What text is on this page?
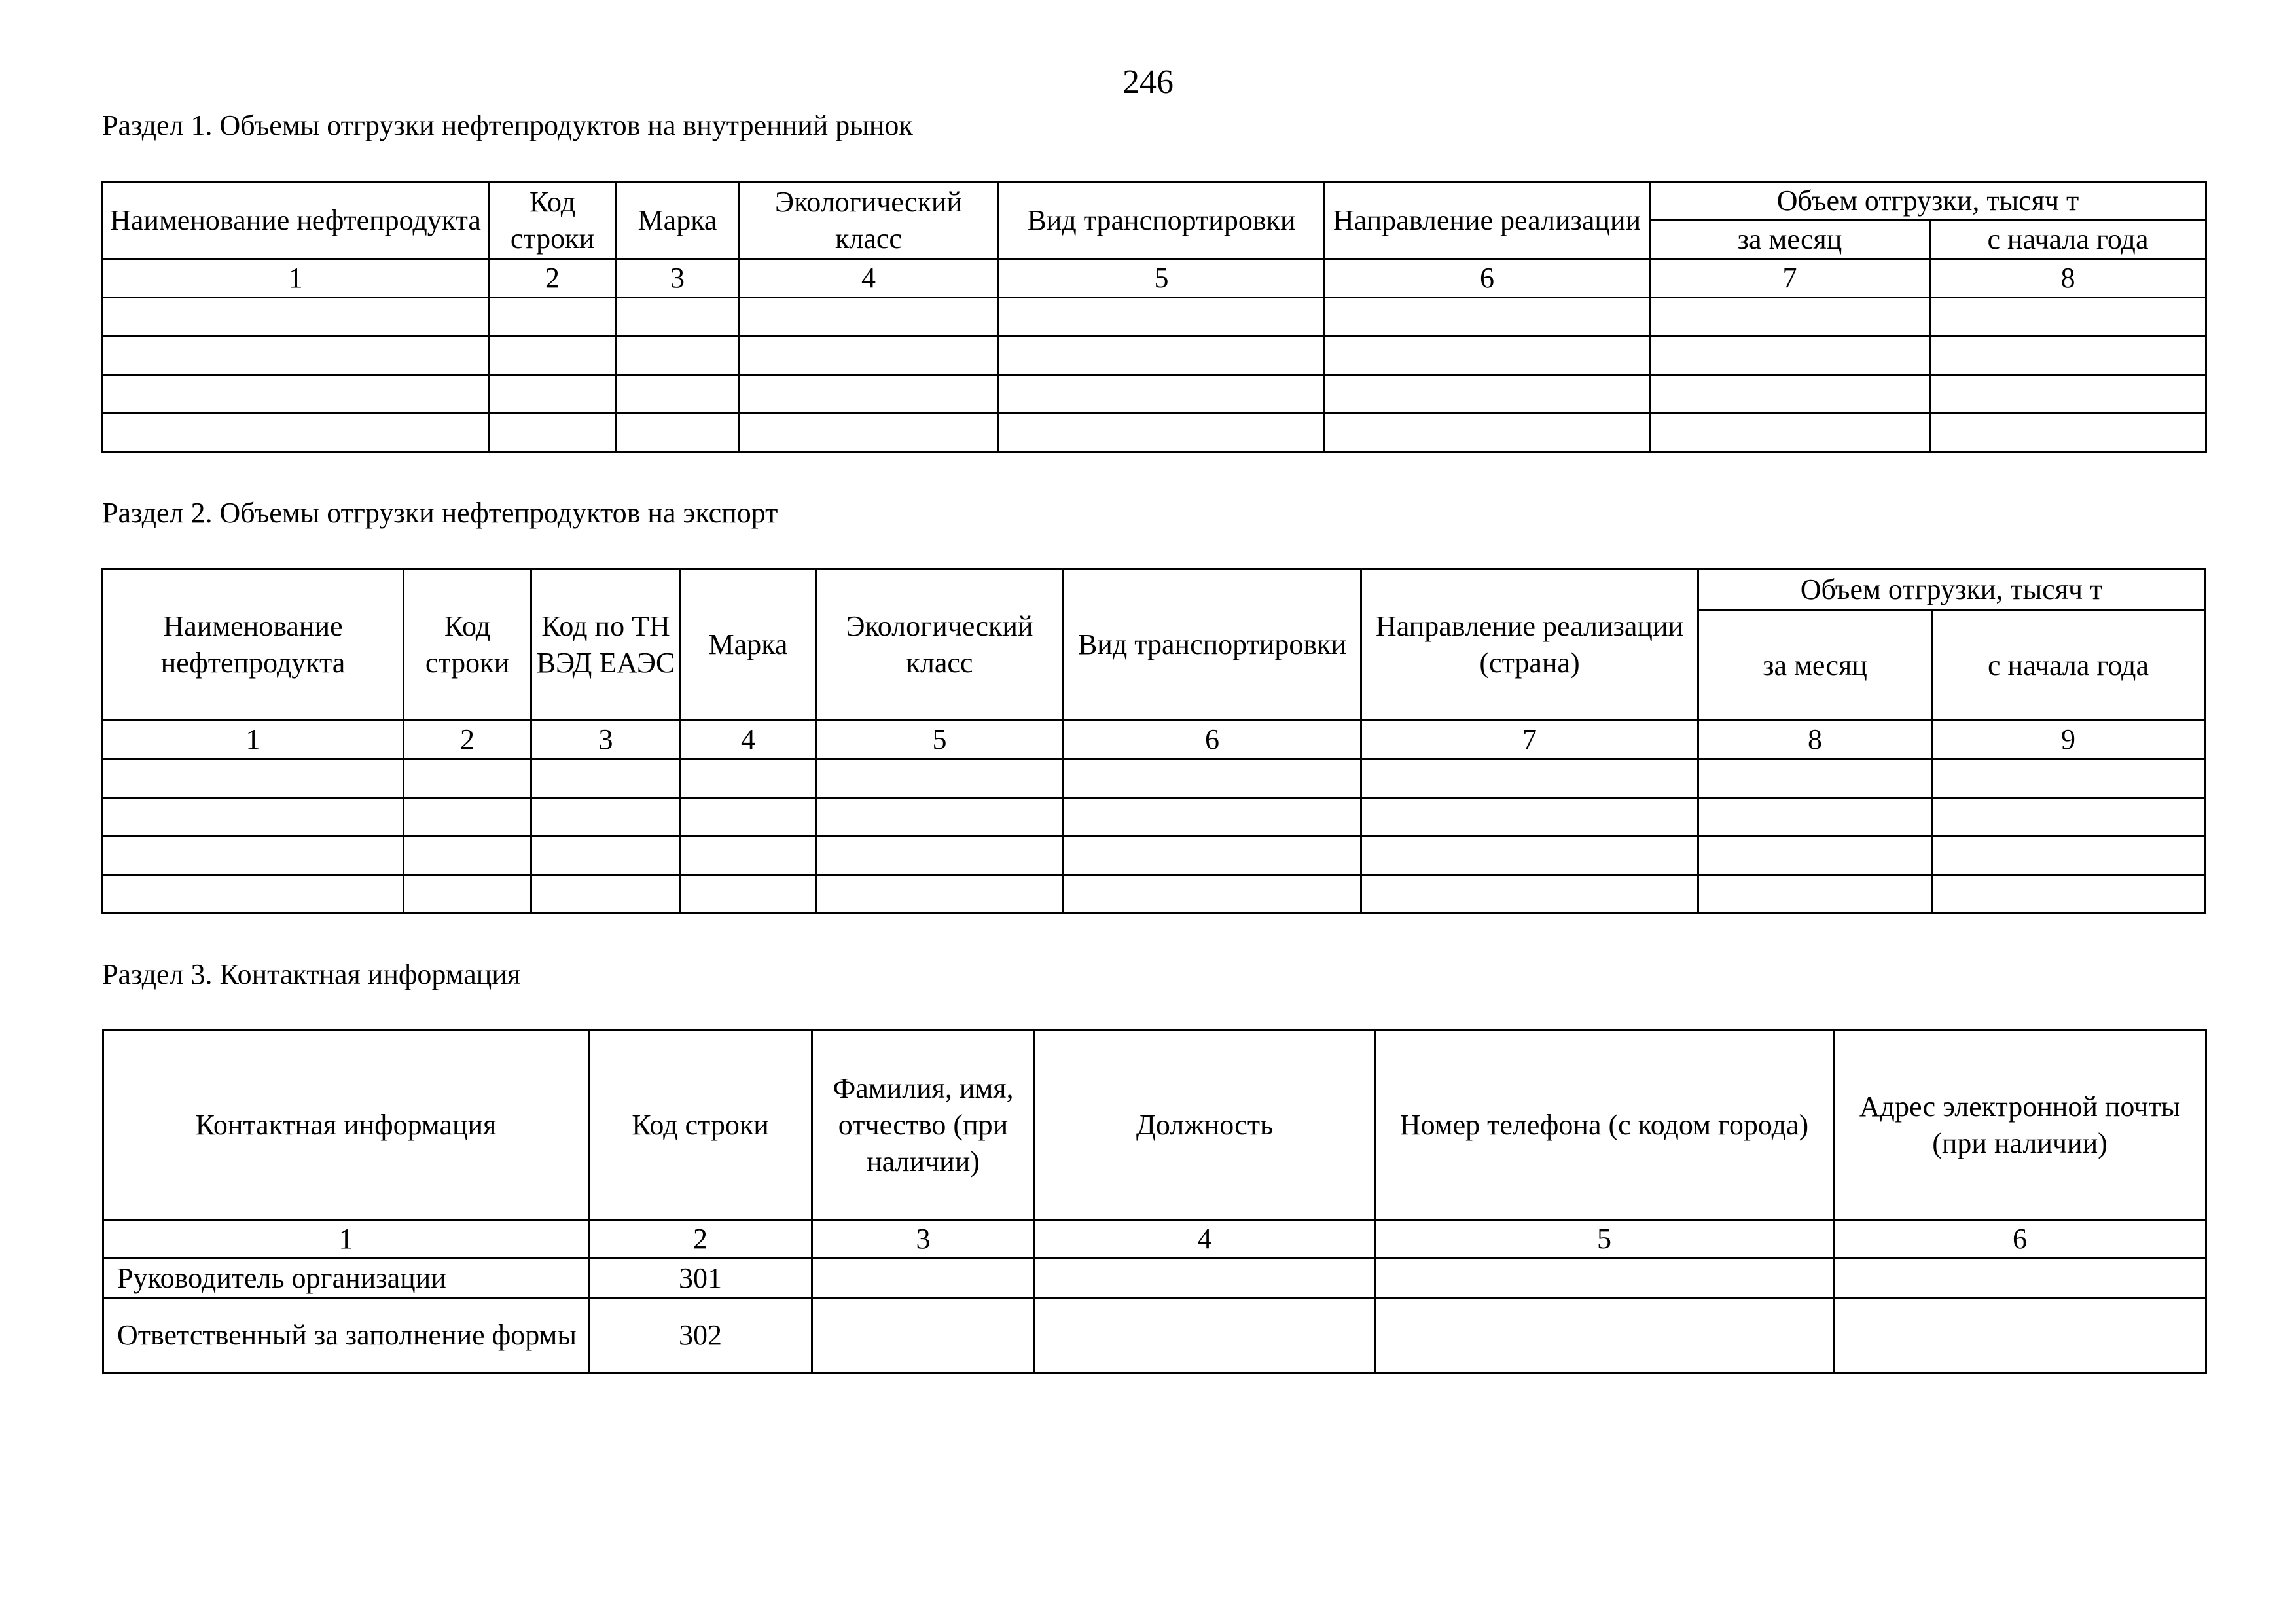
246
Раздел 1. Объемы отгрузки нефтепродуктов на внутренний рынок
Наименование нефтепродукта	Код строки	Марка	Экологический класс	Вид транспортировки	Направление реализации	Объем отгрузки, тысяч т	
						за месяц	с начала года
1	2	3	4	5	6	7	8

Раздел 2. Объемы отгрузки нефтепродуктов на экспорт
Наименование нефтепродукта	Код строки	Код по ТН ВЭД ЕАЭС	Марка	Экологический класс	Вид транспортировки	Направление реализации (страна)	Объем отгрузки, тысяч т	
							за месяц	с начала года
1	2	3	4	5	6	7	8	9

Раздел 3. Контактная информация
Контактная информация	Код строки	Фамилия, имя, отчество (при наличии)	Должность	Номер телефона (с кодом города)	Адрес электронной почты (при наличии)
1	2	3	4	5	6
Руководитель организации	301				
Ответственный за заполнение формы	302				
